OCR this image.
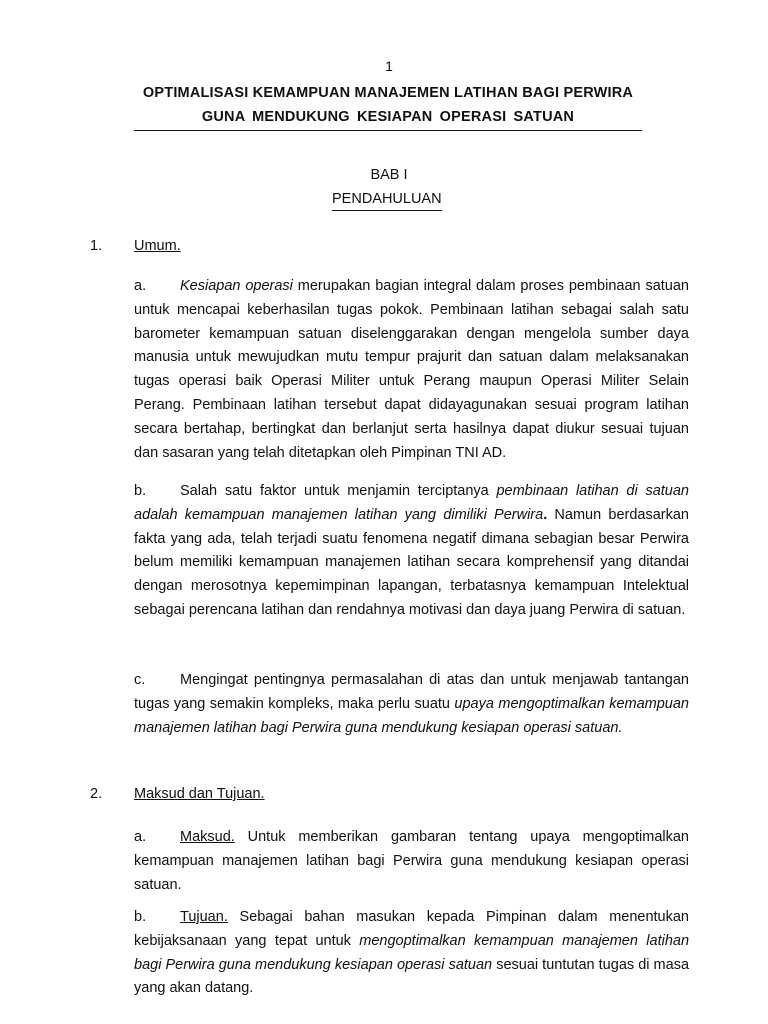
1
OPTIMALISASI KEMAMPUAN MANAJEMEN LATIHAN BAGI PERWIRA
GUNA MENDUKUNG KESIAPAN OPERASI SATUAN
BAB I
PENDAHULUAN
1. Umum.
a. Kesiapan operasi merupakan bagian integral dalam proses pembinaan satuan untuk mencapai keberhasilan tugas pokok. Pembinaan latihan sebagai salah satu barometer kemampuan satuan diselenggarakan dengan mengelola sumber daya manusia untuk mewujudkan mutu tempur prajurit dan satuan dalam melaksanakan tugas operasi baik Operasi Militer untuk Perang maupun Operasi Militer Selain Perang. Pembinaan latihan tersebut dapat didayagunakan sesuai program latihan secara bertahap, bertingkat dan berlanjut serta hasilnya dapat diukur sesuai tujuan dan sasaran yang telah ditetapkan oleh Pimpinan TNI AD.
b. Salah satu faktor untuk menjamin terciptanya pembinaan latihan di satuan adalah kemampuan manajemen latihan yang dimiliki Perwira. Namun berdasarkan fakta yang ada, telah terjadi suatu fenomena negatif dimana sebagian besar Perwira belum memiliki kemampuan manajemen latihan secara komprehensif yang ditandai dengan merosotnya kepemimpinan lapangan, terbatasnya kemampuan Intelektual sebagai perencana latihan dan rendahnya motivasi dan daya juang Perwira di satuan.
c. Mengingat pentingnya permasalahan di atas dan untuk menjawab tantangan tugas yang semakin kompleks, maka perlu suatu upaya mengoptimalkan kemampuan manajemen latihan bagi Perwira guna mendukung kesiapan operasi satuan.
2. Maksud dan Tujuan.
a. Maksud. Untuk memberikan gambaran tentang upaya mengoptimalkan kemampuan manajemen latihan bagi Perwira guna mendukung kesiapan operasi satuan.
b. Tujuan. Sebagai bahan masukan kepada Pimpinan dalam menentukan kebijaksanaan yang tepat untuk mengoptimalkan kemampuan manajemen latihan bagi Perwira guna mendukung kesiapan operasi satuan sesuai tuntutan tugas di masa yang akan datang.
